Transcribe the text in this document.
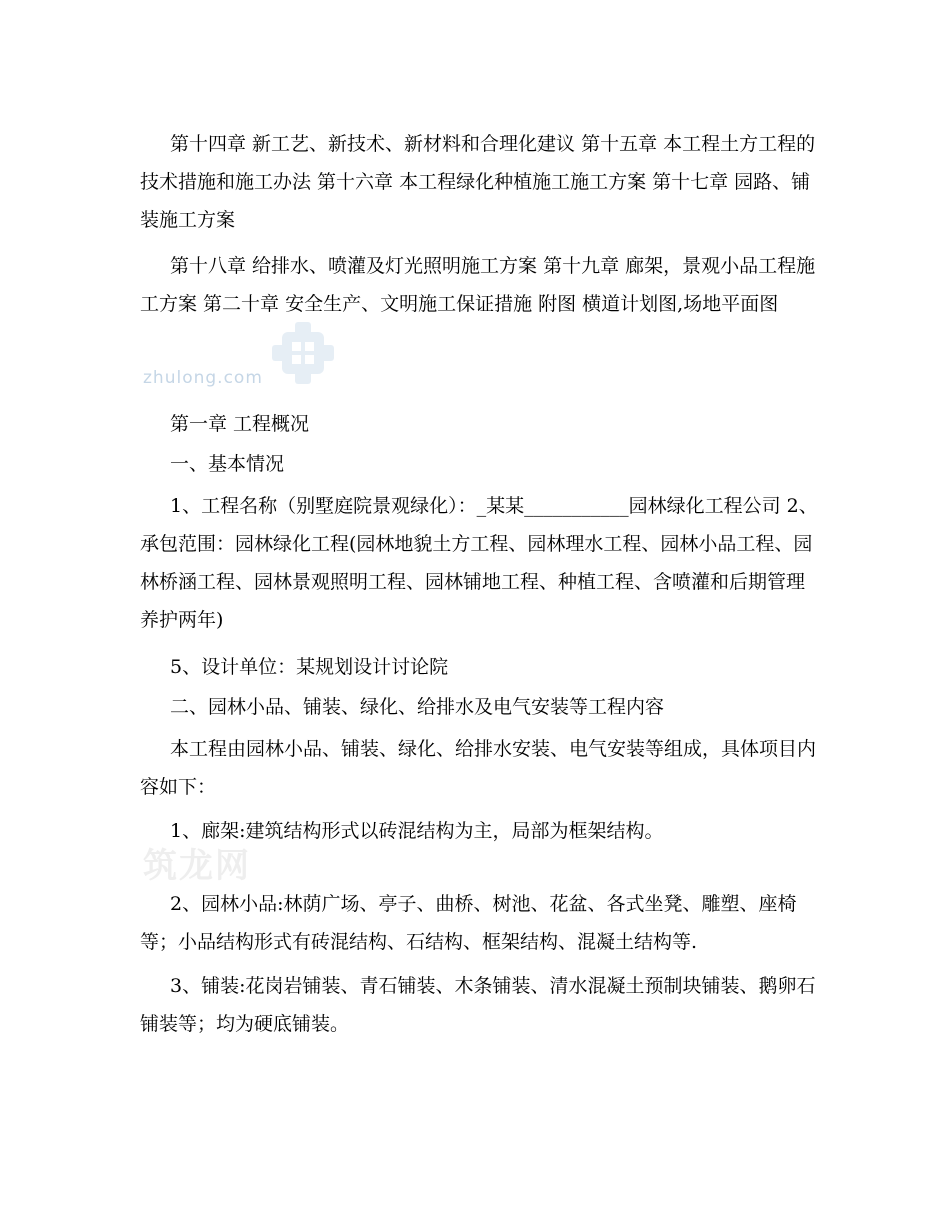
zhulong.com
筑龙网

第十四章 新工艺、新技术、新材料和合理化建议 第十五章 本工程土方工程的技术措施和施工办法 第十六章 本工程绿化种植施工施工方案 第十七章 园路、铺装施工方案

第十八章 给排水、喷灌及灯光照明施工方案 第十九章 廊架，景观小品工程施工方案 第二十章 安全生产、文明施工保证措施 附图 横道计划图,场地平面图

第一章 工程概况

一、基本情况

1、工程名称（别墅庭院景观绿化）：_某某___________园林绿化工程公司 2、承包范围：园林绿化工程(园林地貌土方工程、园林理水工程、园林小品工程、园林桥涵工程、园林景观照明工程、园林铺地工程、种植工程、含喷灌和后期管理养护两年)

5、设计单位：某规划设计讨论院

二、园林小品、铺装、绿化、给排水及电气安装等工程内容

本工程由园林小品、铺装、绿化、给排水安装、电气安装等组成，具体项目内容如下：

1、廊架:建筑结构形式以砖混结构为主，局部为框架结构。

2、园林小品:林荫广场、亭子、曲桥、树池、花盆、各式坐凳、雕塑、座椅等；小品结构形式有砖混结构、石结构、框架结构、混凝土结构等.

3、铺装:花岗岩铺装、青石铺装、木条铺装、清水混凝土预制块铺装、鹅卵石铺装等；均为硬底铺装。
